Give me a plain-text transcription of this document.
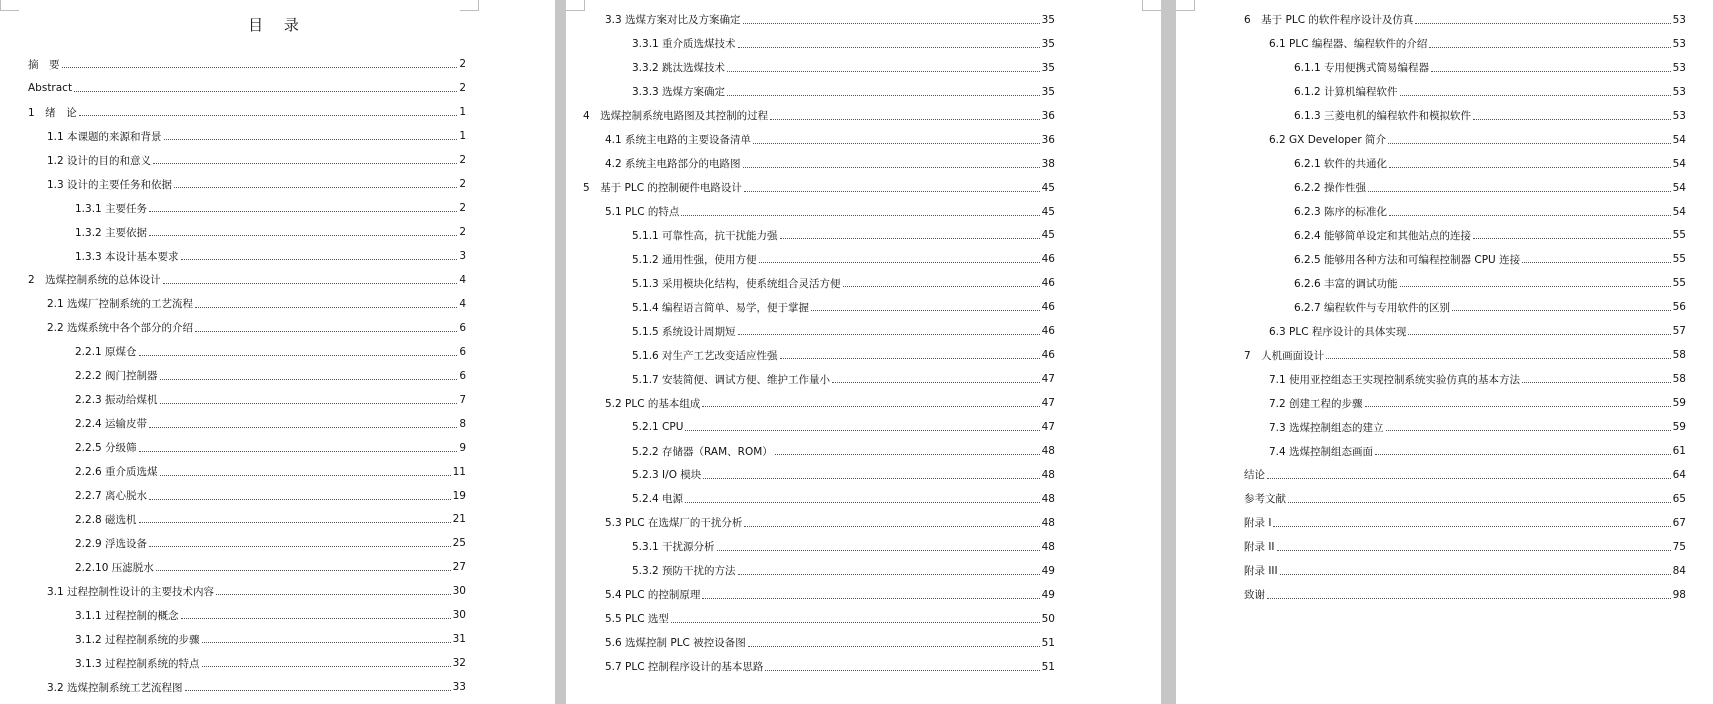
目 录
摘　要	2
Abstract	2
1　绪　论	1
1.1 本课题的来源和背景	1
1.2 设计的目的和意义	2
1.3 设计的主要任务和依据	2
1.3.1 主要任务	2
1.3.2 主要依据	2
1.3.3 本设计基本要求	3
2　选煤控制系统的总体设计	4
2.1 选煤厂控制系统的工艺流程	4
2.2 选煤系统中各个部分的介绍	6
2.2.1 原煤仓	6
2.2.2 阀门控制器	6
2.2.3 振动给煤机	7
2.2.4 运输皮带	8
2.2.5 分级筛	9
2.2.6 重介质选煤	11
2.2.7 离心脱水	19
2.2.8 磁选机	21
2.2.9 浮选设备	25
2.2.10 压滤脱水	27
3.1 过程控制性设计的主要技术内容	30
3.1.1 过程控制的概念	30
3.1.2 过程控制系统的步骤	31
3.1.3 过程控制系统的特点	32
3.2 选煤控制系统工艺流程图	33
3.3 选煤方案对比及方案确定	35
3.3.1 重介质选煤技术	35
3.3.2 跳汰选煤技术	35
3.3.3 选煤方案确定	35
4　选煤控制系统电路图及其控制的过程	36
4.1 系统主电路的主要设备清单	36
4.2 系统主电路部分的电路图	38
5　基于 PLC 的控制硬件电路设计	45
5.1 PLC 的特点	45
5.1.1 可靠性高，抗干扰能力强	45
5.1.2 通用性强，使用方便	46
5.1.3 采用模块化结构，使系统组合灵活方便	46
5.1.4 编程语言简单、易学，便于掌握	46
5.1.5 系统设计周期短	46
5.1.6 对生产工艺改变适应性强	46
5.1.7 安装简便、调试方便、维护工作量小	47
5.2 PLC 的基本组成	47
5.2.1 CPU	47
5.2.2 存储器（RAM、ROM）	48
5.2.3 I/O 模块	48
5.2.4 电源	48
5.3 PLC 在选煤厂的干扰分析	48
5.3.1 干扰源分析	48
5.3.2 预防干扰的方法	49
5.4 PLC 的控制原理	49
5.5 PLC 选型	50
5.6 选煤控制 PLC 被控设备图	51
5.7 PLC 控制程序设计的基本思路	51
6　基于 PLC 的软件程序设计及仿真	53
6.1 PLC 编程器、编程软件的介绍	53
6.1.1 专用便携式简易编程器	53
6.1.2 计算机编程软件	53
6.1.3 三菱电机的编程软件和模拟软件	53
6.2 GX Developer 简介	54
6.2.1 软件的共通化	54
6.2.2 操作性强	54
6.2.3 陈序的标准化	54
6.2.4 能够简单设定和其他站点的连接	55
6.2.5 能够用各种方法和可编程控制器 CPU 连接	55
6.2.6 丰富的调试功能	55
6.2.7 编程软件与专用软件的区别	56
6.3 PLC 程序设计的具体实现	57
7　人机画面设计	58
7.1 使用亚控组态王实现控制系统实验仿真的基本方法	58
7.2 创建工程的步骤	59
7.3 选煤控制组态的建立	59
7.4 选煤控制组态画面	61
结论	64
参考文献	65
附录 I	67
附录 II	75
附录 III	84
致谢	98
